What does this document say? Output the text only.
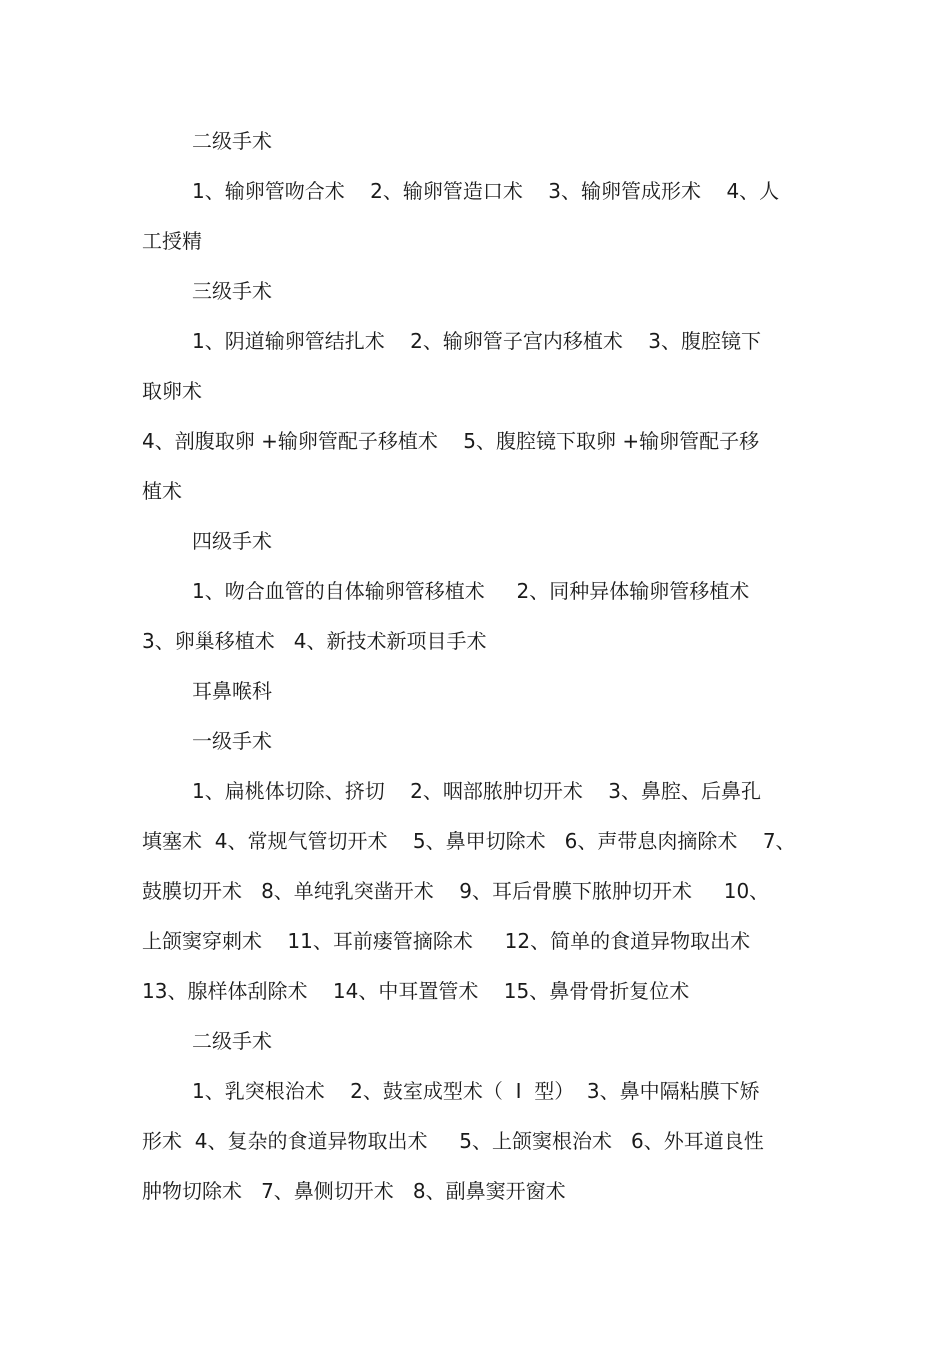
二级手术
1、输卵管吻合术    2、输卵管造口术    3、输卵管成形术    4、人
工授精
三级手术
1、阴道输卵管结扎术    2、输卵管子宫内移植术    3、腹腔镜下
取卵术
4、剖腹取卵 +输卵管配子移植术    5、腹腔镜下取卵 +输卵管配子移
植术
四级手术
1、吻合血管的自体输卵管移植术     2、同种异体输卵管移植术
3、卵巢移植术   4、新技术新项目手术
耳鼻喉科
一级手术
1、扁桃体切除、挤切    2、咽部脓肿切开术    3、鼻腔、后鼻孔
填塞术  4、常规气管切开术    5、鼻甲切除术   6、声带息肉摘除术    7、
鼓膜切开术   8、单纯乳突凿开术    9、耳后骨膜下脓肿切开术     10、
上颌窦穿刺术    11、耳前瘘管摘除术     12、简单的食道异物取出术
13、腺样体刮除术    14、中耳置管术    15、鼻骨骨折复位术
二级手术
1、乳突根治术    2、鼓室成型术（  I  型）  3、鼻中隔粘膜下矫
形术  4、复杂的食道异物取出术     5、上颌窦根治术   6、外耳道良性
肿物切除术   7、鼻侧切开术   8、副鼻窦开窗术
